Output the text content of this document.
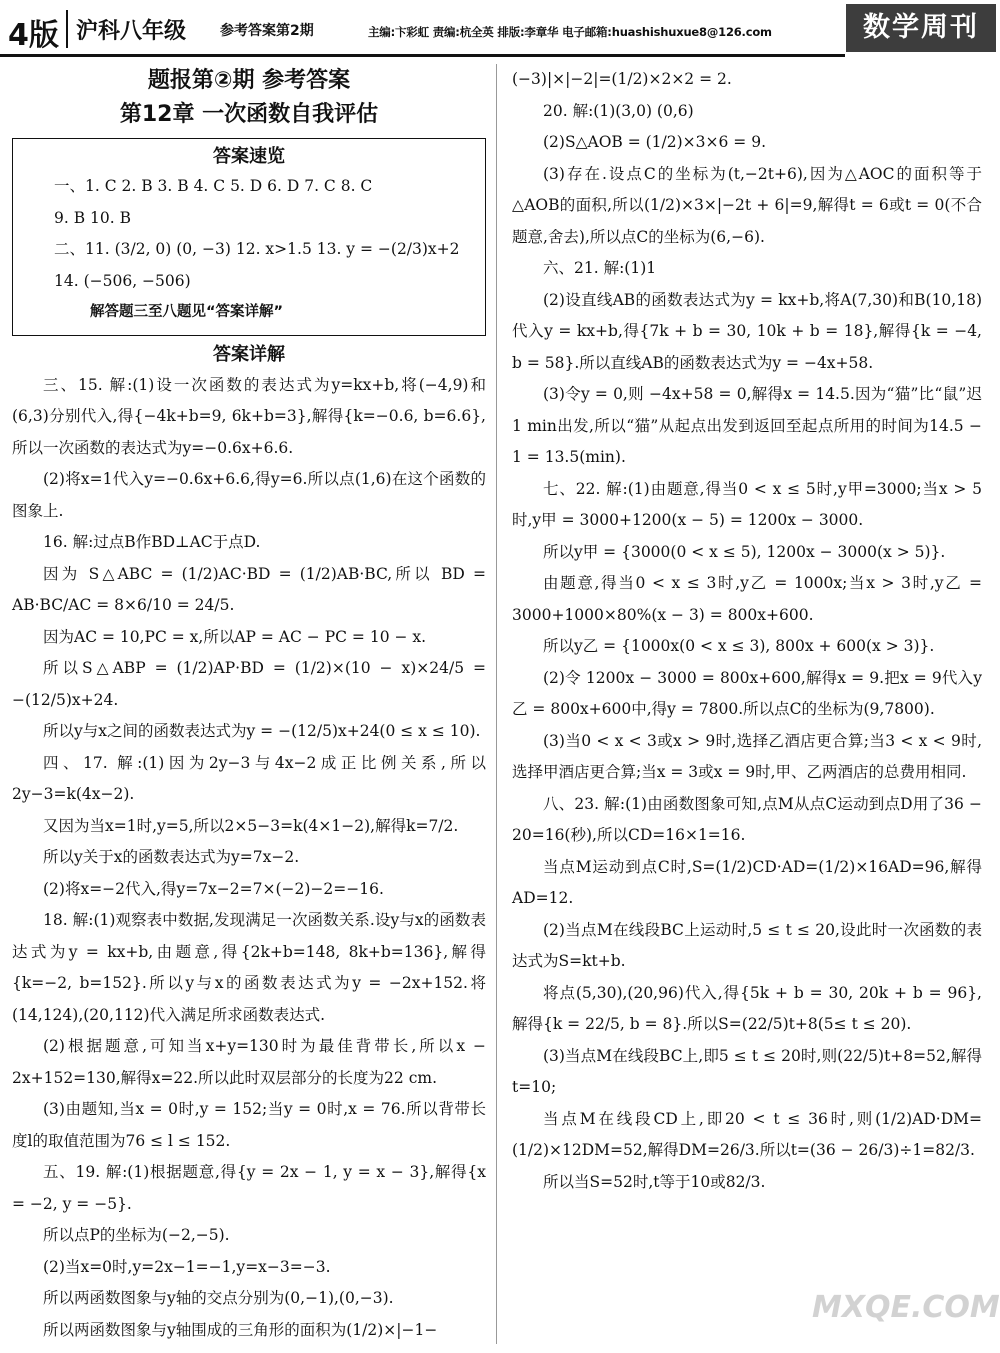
4版 沪科八年级 参考答案第2期	主编:卞彩虹 责编:杭全英 排版:李章华 电子邮箱:huashishuxue8@126.com	数学周刊
题报第②期 参考答案
第12章 一次函数自我评估
答案速览

一、1. C 2. B 3. B 4. C 5. D 6. D 7. C 8. C

9. B 10. B

二、11. (3/2, 0) (0, −3) 12. x>1.5 13. y = −(2/3)x+2

14. (−506, −506)

解答题三至八题见“答案详解”

答案详解

三、15. 解:(1)设一次函数的表达式为y=kx+b,将(−4,9)和(6,3)分别代入,得{−4k+b=9, 6k+b=3},解得{k=−0.6, b=6.6},所以一次函数的表达式为y=−0.6x+6.6.

(2)将x=1代入y=−0.6x+6.6,得y=6.所以点(1,6)在这个函数的图象上.

16. 解:过点B作BD⊥AC于点D.

因为 S△ABC = (1/2)AC·BD = (1/2)AB·BC,所以 BD = AB·BC/AC = 8×6/10 = 24/5.

因为AC = 10,PC = x,所以AP = AC − PC = 10 − x.

所以S△ABP = (1/2)AP·BD = (1/2)×(10 − x)×24/5 = −(12/5)x+24.

所以y与x之间的函数表达式为y = −(12/5)x+24(0 ≤ x ≤ 10).

四、17. 解:(1)因为2y−3与4x−2成正比例关系,所以2y−3=k(4x−2).

又因为当x=1时,y=5,所以2×5−3=k(4×1−2),解得k=7/2.

所以y关于x的函数表达式为y=7x−2.

(2)将x=−2代入,得y=7x−2=7×(−2)−2=−16.

18. 解:(1)观察表中数据,发现满足一次函数关系.设y与x的函数表达式为y = kx+b,由题意,得{2k+b=148, 8k+b=136},解得{k=−2, b=152}.所以y与x的函数表达式为y = −2x+152.将(14,124),(20,112)代入满足所求函数表达式.

(2)根据题意,可知当x+y=130时为最佳背带长,所以x − 2x+152=130,解得x=22.所以此时双层部分的长度为22 cm.

(3)由题知,当x = 0时,y = 152;当y = 0时,x = 76.所以背带长度l的取值范围为76 ≤ l ≤ 152.

五、19. 解:(1)根据题意,得{y = 2x − 1, y = x − 3},解得{x = −2, y = −5}.

所以点P的坐标为(−2,−5).

(2)当x=0时,y=2x−1=−1,y=x−3=−3.

所以两函数图象与y轴的交点分别为(0,−1),(0,−3).

所以两函数图象与y轴围成的三角形的面积为(1/2)×|−1−

(−3)|×|−2|=(1/2)×2×2 = 2.

20. 解:(1)(3,0) (0,6)

(2)S△AOB = (1/2)×3×6 = 9.

(3)存在.设点C的坐标为(t,−2t+6),因为△AOC的面积等于△AOB的面积,所以(1/2)×3×|−2t + 6|=9,解得t = 6或t = 0(不合题意,舍去),所以点C的坐标为(6,−6).

六、21. 解:(1)1

(2)设直线AB的函数表达式为y = kx+b,将A(7,30)和B(10,18)代入y = kx+b,得{7k + b = 30, 10k + b = 18},解得{k = −4, b = 58}.所以直线AB的函数表达式为y = −4x+58.

(3)令y = 0,则 −4x+58 = 0,解得x = 14.5.因为“猫”比“鼠”迟1 min出发,所以“猫”从起点出发到返回至起点所用的时间为14.5 − 1 = 13.5(min).

七、22. 解:(1)由题意,得当0 < x ≤ 5时,y甲=3000;当x > 5时,y甲 = 3000+1200(x − 5) = 1200x − 3000.

所以y甲 = {3000(0 < x ≤ 5), 1200x − 3000(x > 5)}.

由题意,得当0 < x ≤ 3时,y乙 = 1000x;当x > 3时,y乙 = 3000+1000×80%(x − 3) = 800x+600.

所以y乙 = {1000x(0 < x ≤ 3), 800x + 600(x > 3)}.

(2)令 1200x − 3000 = 800x+600,解得x = 9.把x = 9代入y乙 = 800x+600中,得y = 7800.所以点C的坐标为(9,7800).

(3)当0 < x < 3或x > 9时,选择乙酒店更合算;当3 < x < 9时,选择甲酒店更合算;当x = 3或x = 9时,甲、乙两酒店的总费用相同.

八、23. 解:(1)由函数图象可知,点M从点C运动到点D用了36 − 20=16(秒),所以CD=16×1=16.

当点M运动到点C时,S=(1/2)CD·AD=(1/2)×16AD=96,解得AD=12.

(2)当点M在线段BC上运动时,5 ≤ t ≤ 20,设此时一次函数的表达式为S=kt+b.

将点(5,30),(20,96)代入,得{5k + b = 30, 20k + b = 96},解得{k = 22/5, b = 8}.所以S=(22/5)t+8(5≤ t ≤ 20).

(3)当点M在线段BC上,即5 ≤ t ≤ 20时,则(22/5)t+8=52,解得t=10;

当点M在线段CD上,即20 < t ≤ 36时,则(1/2)AD·DM=(1/2)×12DM=52,解得DM=26/3.所以t=(36 − 26/3)÷1=82/3.

所以当S=52时,t等于10或82/3.

MXQE.COM
